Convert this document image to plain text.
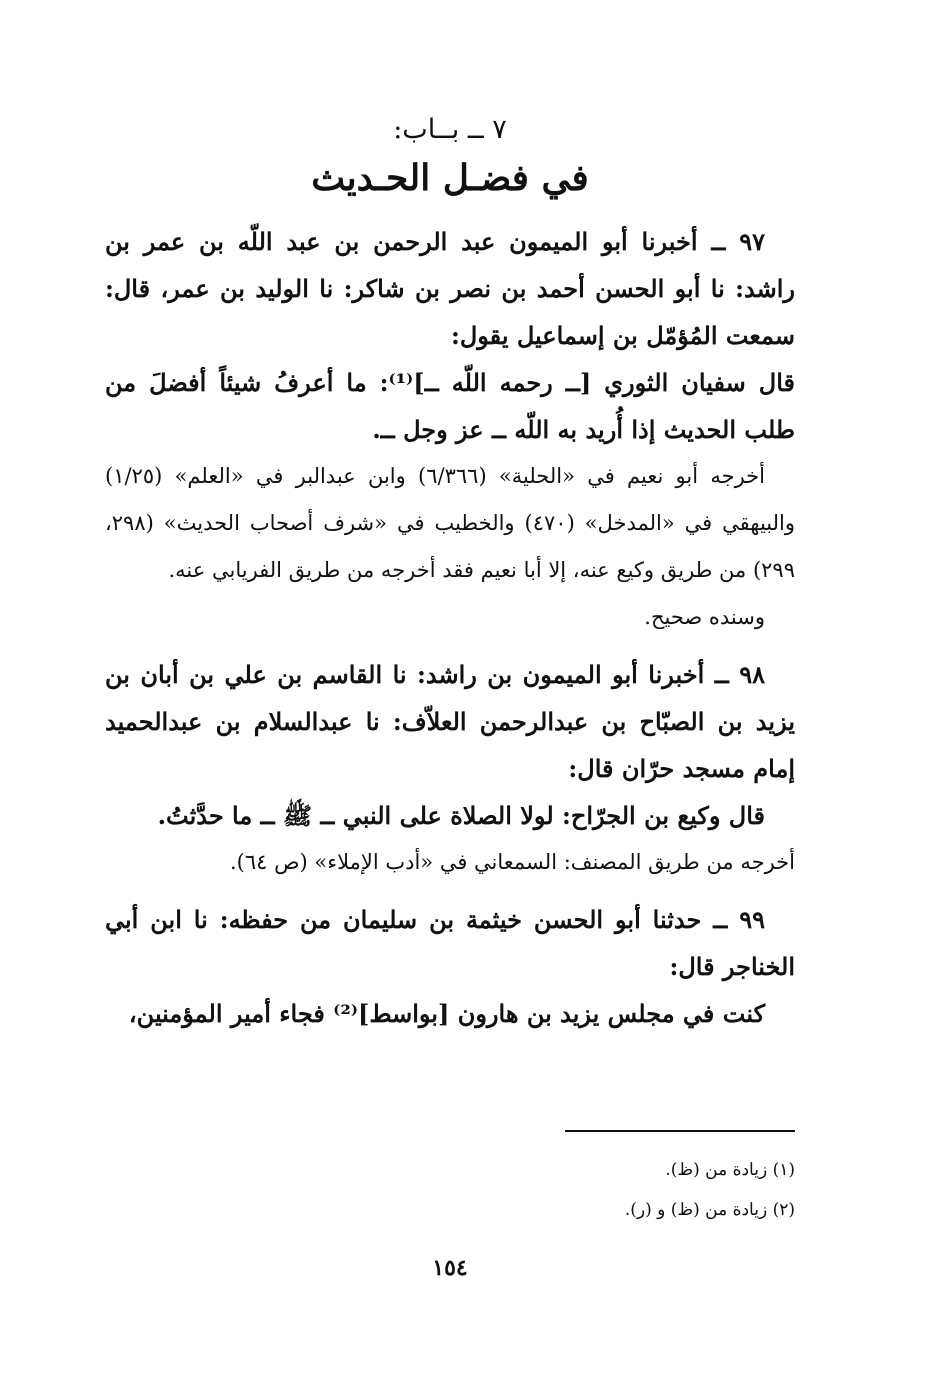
٧ ــ بــاب:

في فضـل الحـديث

٩٧ ــ أخبرنا أبو الميمون عبد الرحمن بن عبد اللّه بن عمر بن راشد: نا أبو الحسن أحمد بن نصر بن شاكر: نا الوليد بن عمر، قال: سمعت المُؤمّل بن إسماعيل يقول:

قال سفيان الثوري [ــ رحمه اللّه ــ]⁽¹⁾: ما أعرفُ شيئاً أفضلَ من طلب الحديث إذا أُريد به اللّه ــ عز وجل ــ.

أخرجه أبو نعيم في «الحلية» (٦/٣٦٦) وابن عبدالبر في «العلم» (١/٢٥) والبيهقي في «المدخل» (٤٧٠) والخطيب في «شرف أصحاب الحديث» (٢٩٨، ٢٩٩) من طريق وكيع عنه، إلا أبا نعيم فقد أخرجه من طريق الفريابي عنه.

وسنده صحيح.

٩٨ ــ أخبرنا أبو الميمون بن راشد: نا القاسم بن علي بن أبان بن يزيد بن الصبّاح بن عبدالرحمن العلاّف: نا عبدالسلام بن عبدالحميد إمام مسجد حرّان قال:

قال وكيع بن الجرّاح: لولا الصلاة على النبي ــ ﷺ ــ ما حدَّثتُ.

أخرجه من طريق المصنف: السمعاني في «أدب الإملاء» (ص ٦٤).

٩٩ ــ حدثنا أبو الحسن خيثمة بن سليمان من حفظه: نا ابن أبي الخناجر قال:

كنت في مجلس يزيد بن هارون [بواسط]⁽²⁾ فجاء أمير المؤمنين،

(١) زيادة من (ظ).

(٢) زيادة من (ظ) و (ر).

١٥٤
